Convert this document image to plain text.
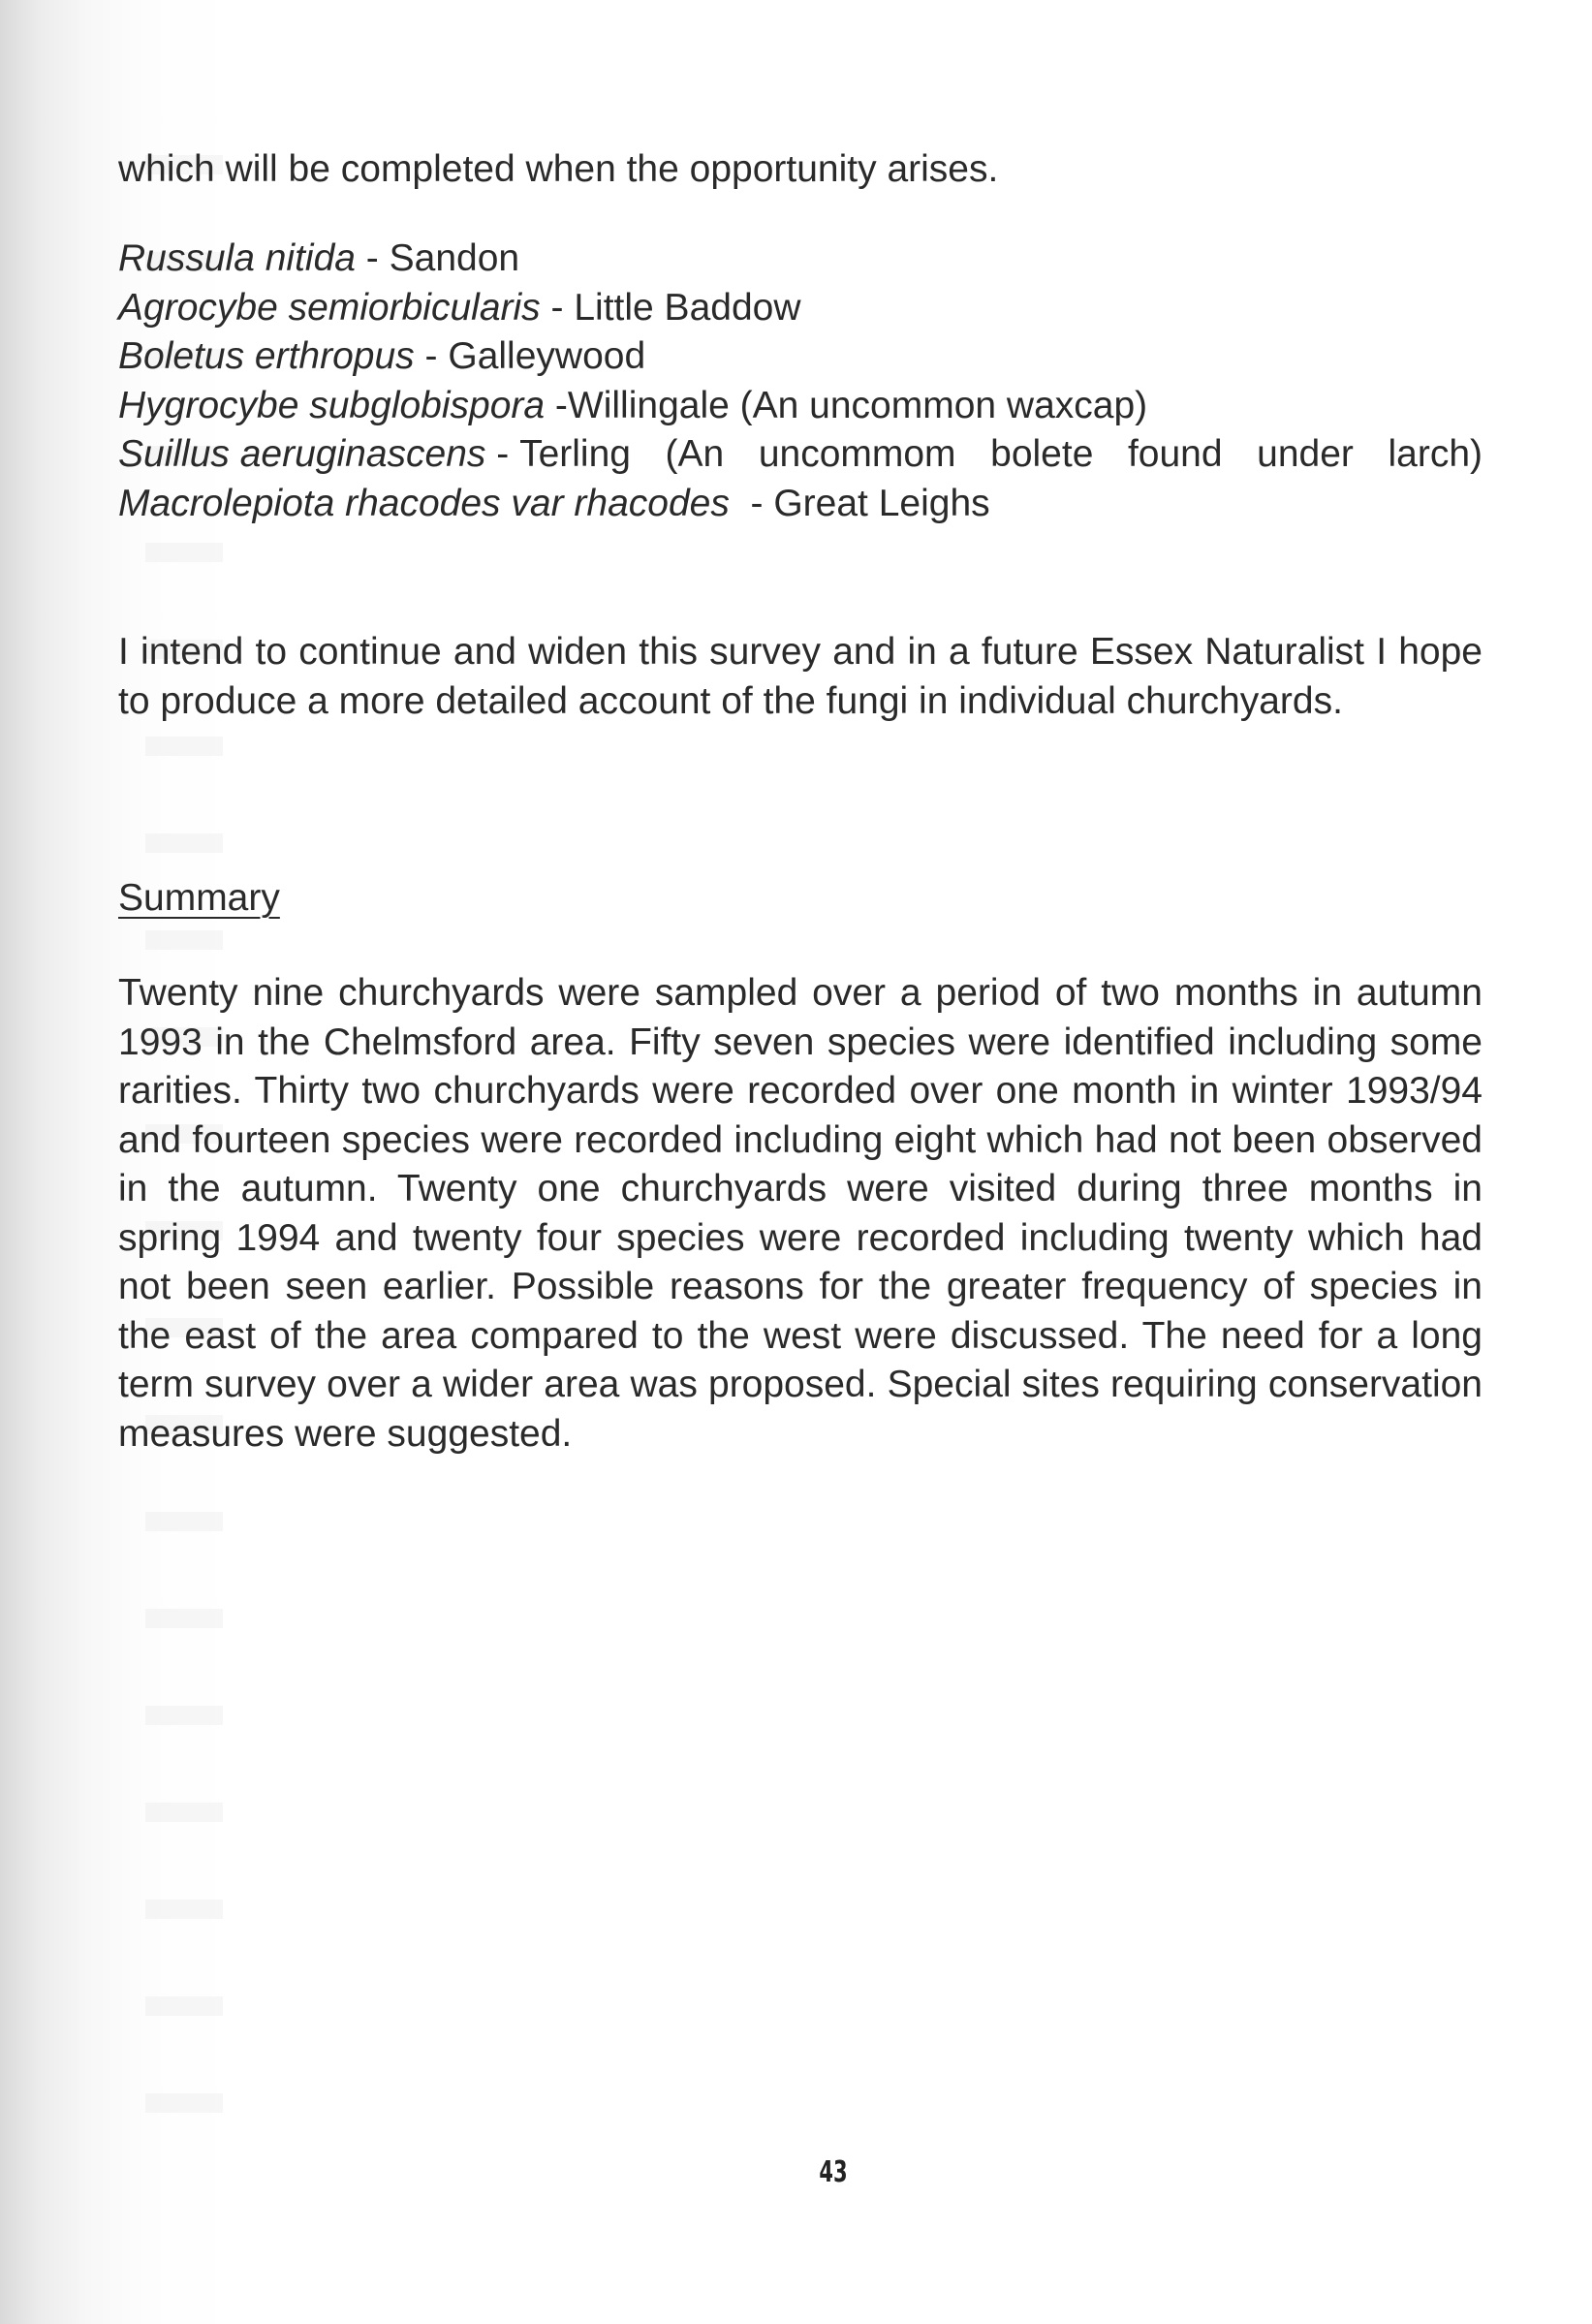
which will be completed when the opportunity arises.
Russula nitida - Sandon
Agrocybe semiorbicularis - Little Baddow
Boletus erthropus - Galleywood
Hygrocybe subglobispora -Willingale (An uncommon waxcap)
Suillus aeruginascens - Terling (An uncommom bolete found under larch)
Macrolepiota rhacodes var rhacodes  - Great Leighs

I intend to continue and widen this survey and in a future Essex Naturalist I hope to produce a more detailed account of the fungi in individual churchyards.

Summary

Twenty nine churchyards were sampled over a period of two months in autumn 1993 in the Chelmsford area. Fifty seven species were identified including some rarities. Thirty two churchyards were recorded over one month in winter 1993/94 and fourteen species were recorded including eight which had not been observed in the autumn. Twenty one churchyards were visited during three months in spring 1994 and twenty four species were recorded including twenty which had not been seen earlier. Possible reasons for the greater frequency of species in the east of the area compared to the west were discussed. The need for a long term survey over a wider area was proposed. Special sites requiring conservation measures were suggested.

43
